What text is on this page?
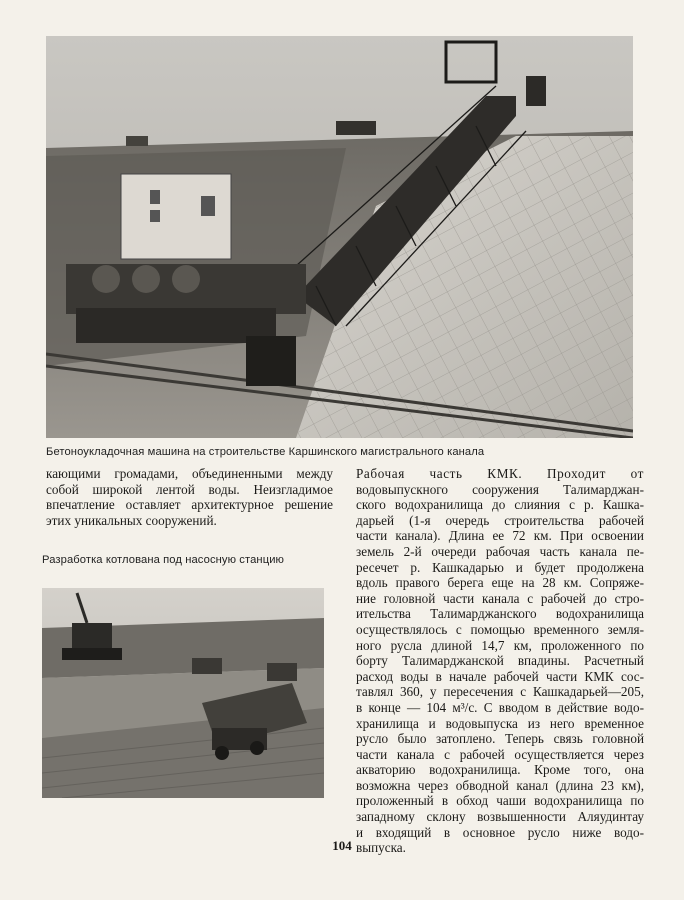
Бетоноукладочная машина на строительстве Каршинского магистрального канала
кающими громадами, объединенными между
собой широкой лентой воды. Неизгладимое
впечатление оставляет архитектурное решение
этих уникальных сооружений.
Разработка котлована под насосную станцию
Рабочая часть КМК. Проходит от
водовыпускного сооружения Талимарджан-
ского водохранилища до слияния с р. Кашка-
дарьей (1-я очередь строительства рабочей
части канала). Длина ее 72 км. При освоении
земель 2-й очереди рабочая часть канала пе-
ресечет р. Кашкадарью и будет продолжена
вдоль правого берега еще на 28 км. Сопряже-
ние головной части канала с рабочей до стро-
ительства Талимарджанского водохранилища
осуществлялось с помощью временного земля-
ного русла длиной 14,7 км, проложенного по
борту Талимарджанской впадины. Расчетный
расход воды в начале рабочей части КМК сос-
тавлял 360, у пересечения с Кашкадарьей—205,
в конце — 104 м³/с. С вводом в действие водо-
хранилища и водовыпуска из него временное
русло было затоплено. Теперь связь головной
части канала с рабочей осуществляется через
акваторию водохранилища. Кроме того, она
возможна через обводной канал (длина 23 км),
проложенный в обход чаши водохранилища по
западному склону возвышенности Аляудинтау
и входящий в основное русло ниже водо-
выпуска.
104
